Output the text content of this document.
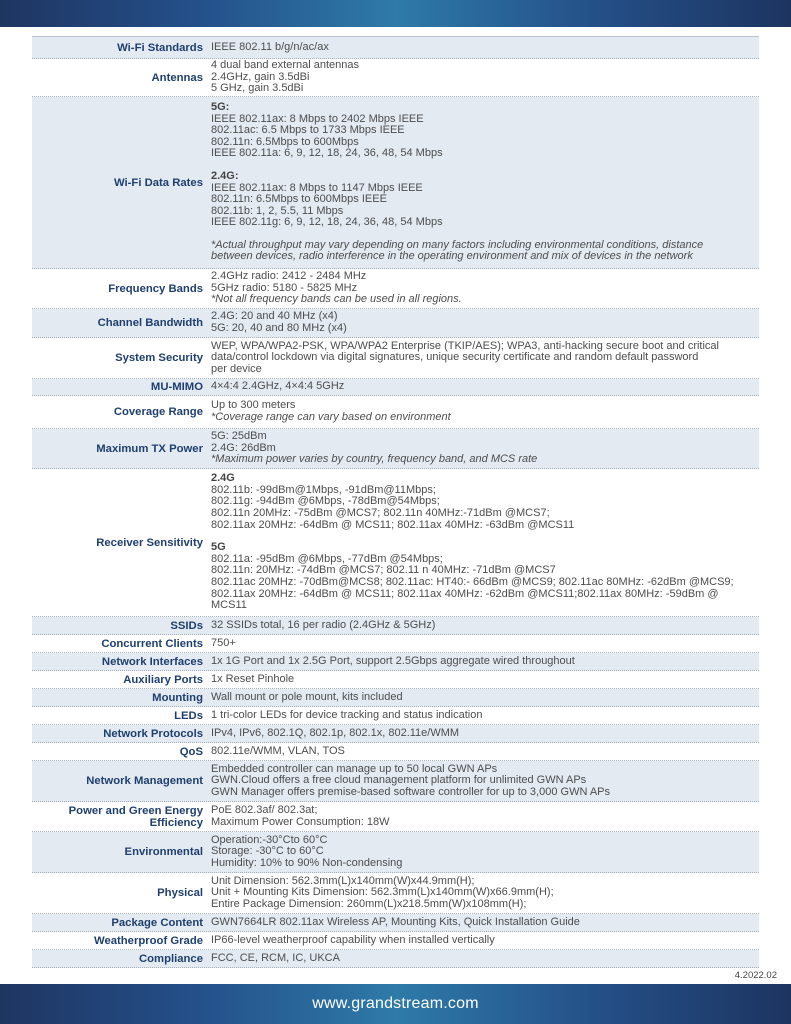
Wi-Fi Standards IEEE 802.11 b/g/n/ac/ax
Antennas
4 dual band external antennas
2.4GHz, gain 3.5dBi
5 GHz, gain 3.5dBi
Wi-Fi Data Rates
5G:
IEEE 802.11ax: 8 Mbps to 2402 Mbps IEEE
802.11ac: 6.5 Mbps to 1733 Mbps IEEE
802.11n: 6.5Mbps to 600Mbps
IEEE 802.11a: 6, 9, 12, 18, 24, 36, 48, 54 Mbps
2.4G:
IEEE 802.11ax: 8 Mbps to 1147 Mbps IEEE
802.11n: 6.5Mbps to 600Mbps IEEE
802.11b: 1, 2, 5.5, 11 Mbps
IEEE 802.11g: 6, 9, 12, 18, 24, 36, 48, 54 Mbps
*Actual throughput may vary depending on many factors including environmental conditions, distance
between devices, radio interference in the operating environment and mix of devices in the network
Frequency Bands
2.4GHz radio: 2412 - 2484 MHz
5GHz radio: 5180 - 5825 MHz
*Not all frequency bands can be used in all regions.
Channel Bandwidth
2.4G: 20 and 40 MHz (x4)
5G: 20, 40 and 80 MHz (x4)
System Security
WEP, WPA/WPA2-PSK, WPA/WPA2 Enterprise (TKIP/AES); WPA3, anti-hacking secure boot and critical
data/control lockdown via digital signatures, unique security certificate and random default password
per device
MU-MIMO 4×4:4 2.4GHz, 4×4:4 5GHz
Coverage Range
Up to 300 meters
*Coverage range can vary based on environment
Maximum TX Power
5G: 25dBm
2.4G: 26dBm
*Maximum power varies by country, frequency band, and MCS rate
Receiver Sensitivity
2.4G
802.11b: -99dBm@1Mbps, -91dBm@11Mbps;
802.11g: -94dBm @6Mbps, -78dBm@54Mbps;
802.11n 20MHz: -75dBm @MCS7; 802.11n 40MHz:-71dBm @MCS7;
802.11ax 20MHz: -64dBm @ MCS11; 802.11ax 40MHz: -63dBm @MCS11
5G
802.11a: -95dBm @6Mbps, -77dBm @54Mbps;
802.11n: 20MHz: -74dBm @MCS7; 802.11 n 40MHz: -71dBm @MCS7
802.11ac 20MHz: -70dBm@MCS8; 802.11ac: HT40:- 66dBm @MCS9; 802.11ac 80MHz: -62dBm @MCS9;
802.11ax 20MHz: -64dBm @ MCS11; 802.11ax 40MHz: -62dBm @MCS11;802.11ax 80MHz: -59dBm @
MCS11
SSIDs 32 SSIDs total, 16 per radio (2.4GHz & 5GHz)
Concurrent Clients 750+
Network Interfaces 1x 1G Port and 1x 2.5G Port, support 2.5Gbps aggregate wired throughout
Auxiliary Ports 1x Reset Pinhole
Mounting Wall mount or pole mount, kits included
LEDs 1 tri-color LEDs for device tracking and status indication
Network Protocols IPv4, IPv6, 802.1Q, 802.1p, 802.1x, 802.11e/WMM
QoS 802.11e/WMM, VLAN, TOS
Network Management
Embedded controller can manage up to 50 local GWN APs
GWN.Cloud offers a free cloud management platform for unlimited GWN APs
GWN Manager offers premise-based software controller for up to 3,000 GWN APs
Power and Green Energy Efficiency
PoE 802.3af/ 802.3at;
Maximum Power Consumption: 18W
Environmental
Operation:-30°Cto 60°C
Storage: -30°C to 60°C
Humidity: 10% to 90% Non-condensing
Physical
Unit Dimension: 562.3mm(L)x140mm(W)x44.9mm(H);
Unit + Mounting Kits Dimension: 562.3mm(L)x140mm(W)x66.9mm(H);
Entire Package Dimension: 260mm(L)x218.5mm(W)x108mm(H);
Package Content GWN7664LR 802.11ax Wireless AP, Mounting Kits, Quick Installation Guide
Weatherproof Grade IP66-level weatherproof capability when installed vertically
Compliance FCC, CE, RCM, IC, UKCA
4.2022.02
www.grandstream.com
